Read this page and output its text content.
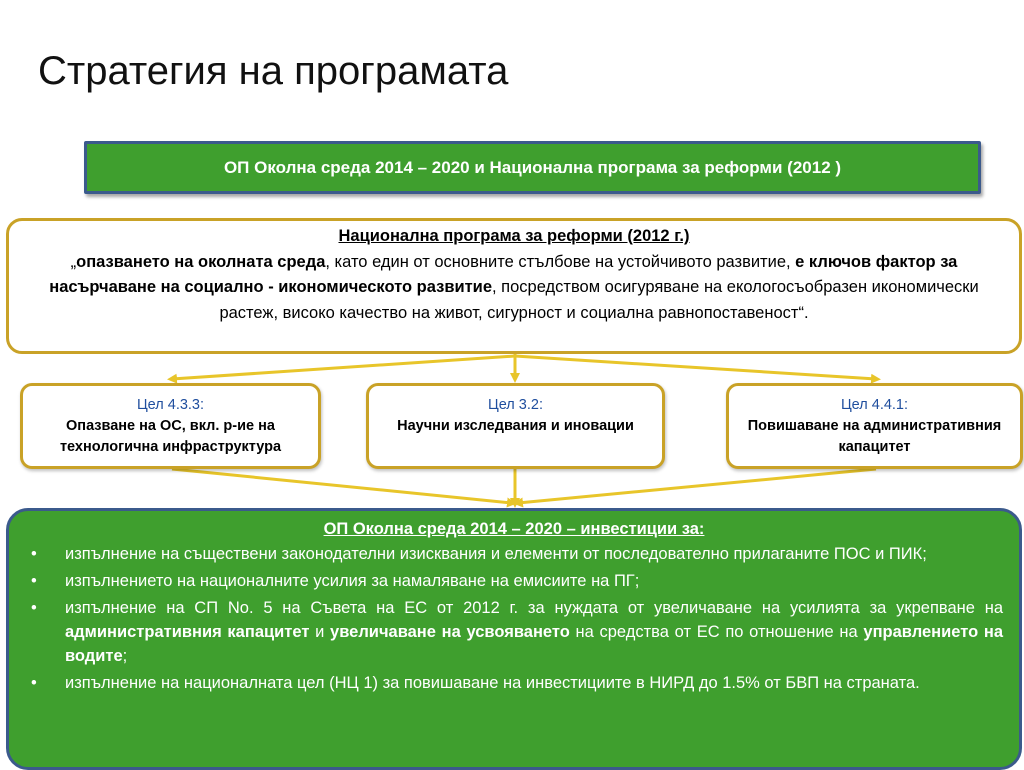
Стратегия на програмата
ОП Околна среда 2014 – 2020 и Национална програма за реформи (2012 )
Национална програма за реформи (2012 г.)
„опазването на околната среда, като един от основните стълбове на устойчивото развитие, е ключов фактор за насърчаване на социално - икономическото развитие, посредством осигуряване на екологосъобразен икономически растеж, високо качество на живот, сигурност и социална равнопоставеност“.
Цел 4.3.3:
Опазване на ОС, вкл. р-ие на технологична инфраструктура
Цел 3.2:
Научни изследвания и иновации
Цел 4.4.1:
Повишаване на административния капацитет
ОП Околна среда 2014 – 2020 – инвестиции за:
• изпълнение на съществени законодателни изисквания и елементи от последователно прилаганите ПОС и ПИК;
• изпълнението на националните усилия за намаляване на емисиите на ПГ;
• изпълнение на СП No. 5 на Съвета на ЕС от 2012 г. за нуждата от увеличаване на усилията за укрепване на административния капацитет и увеличаване на усвояването на средства от ЕС по отношение на управлението на водите;
• изпълнение на националната цел (НЦ 1) за повишаване на инвестициите в НИРД до 1.5% от БВП на страната.
